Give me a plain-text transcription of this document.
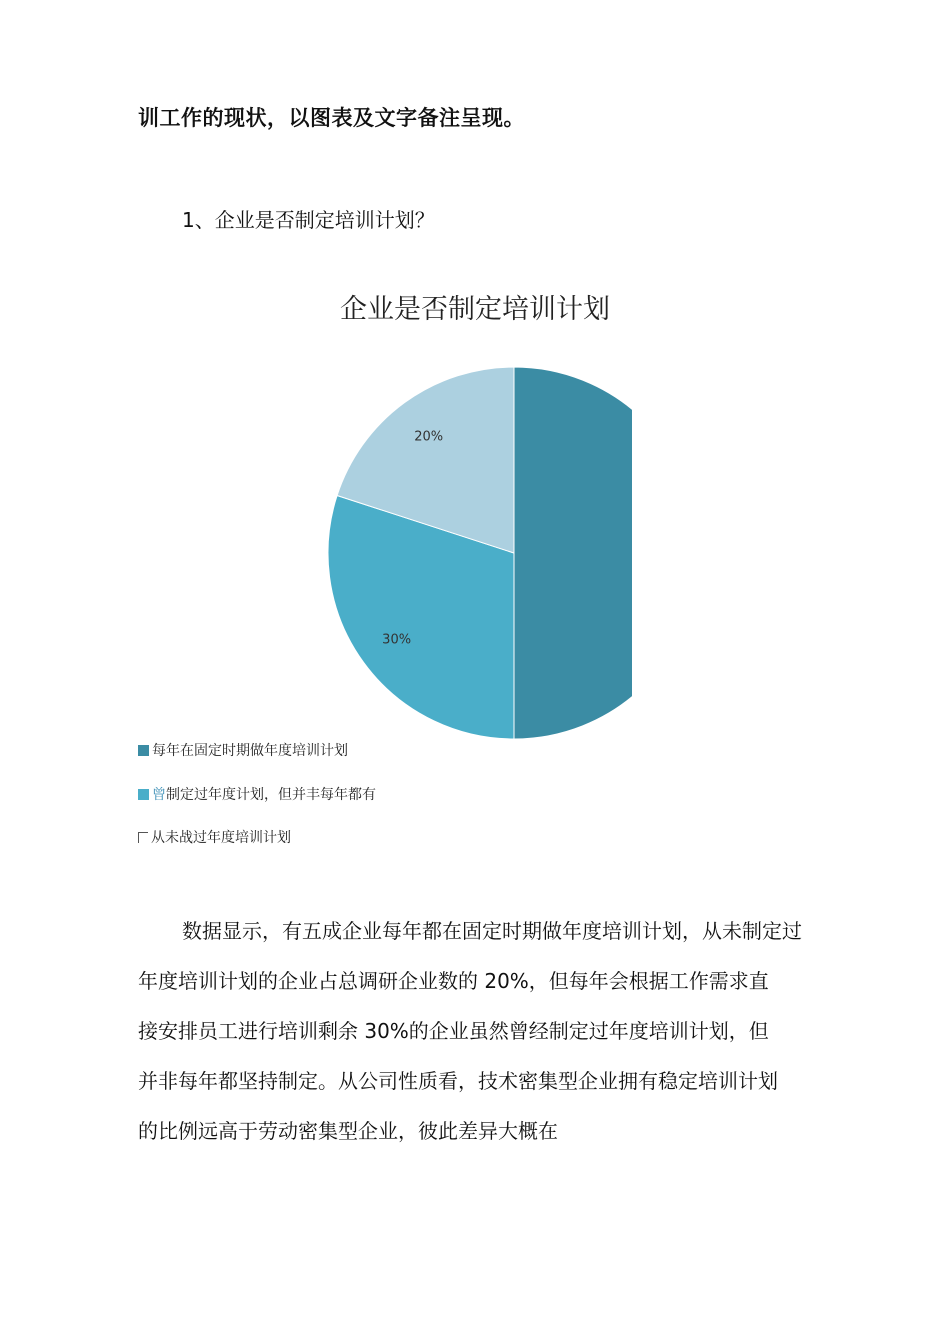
训工作的现状，以图表及文字备注呈现。
1、企业是否制定培训计划？
企业是否制定培训计划
30%
20%
每年在固定时期做年度培训计划
曾 制定过年度计划，但并丰每年都有
从未战过年度培训计划
数据显示，有五成企业每年都在固定时期做年度培训计划，从未制定过
年度培训计划的企业占总调研企业数的 20%，但每年会根据工作需求直
接安排员工进行培训剩余 30%的企业虽然曾经制定过年度培训计划，但
并非每年都坚持制定。从公司性质看，技术密集型企业拥有稳定培训计划
的比例远高于劳动密集型企业，彼此差异大概在
